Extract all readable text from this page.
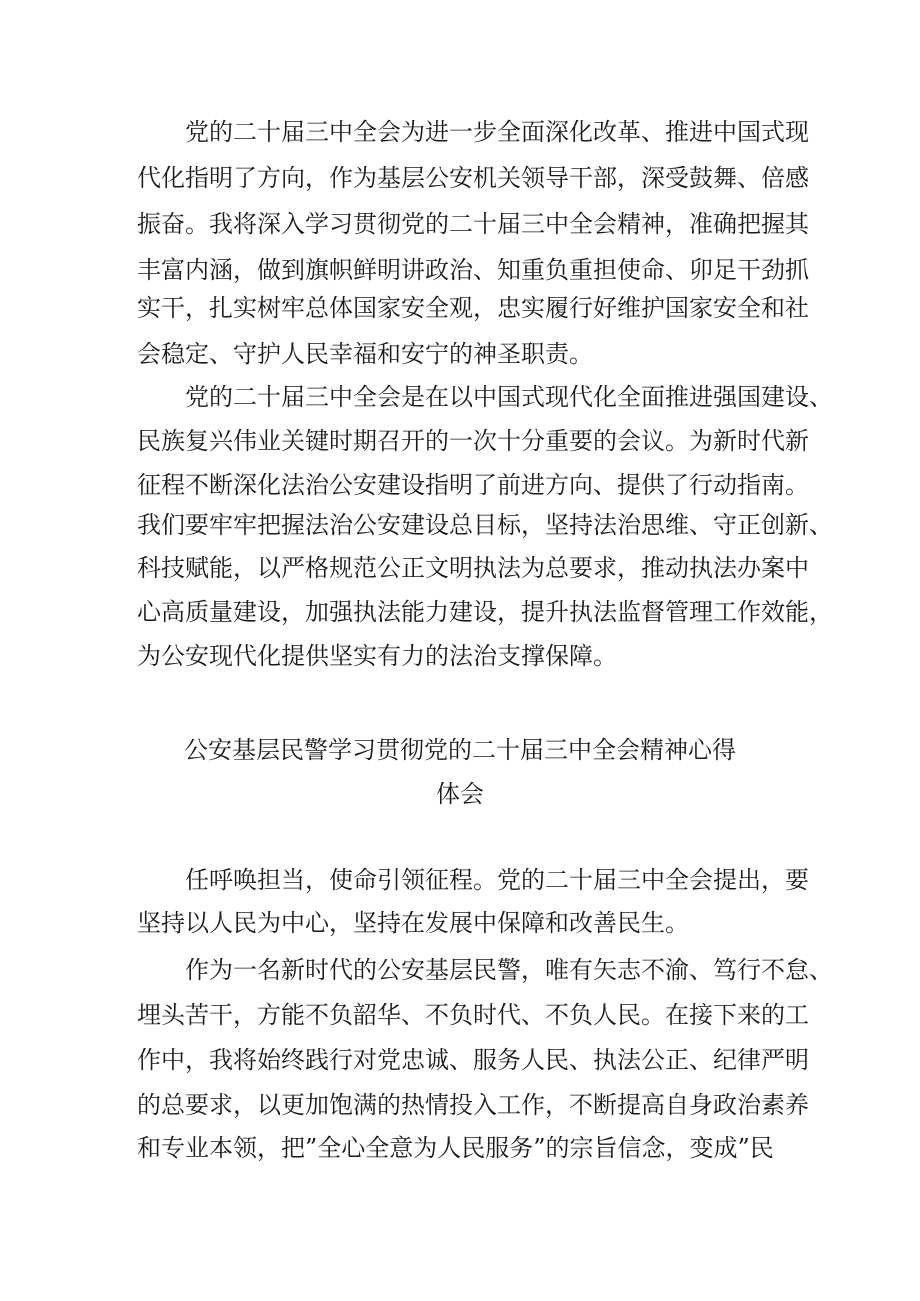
党的二十届三中全会为进一步全面深化改革、推进中国式现
代化指明了方向，作为基层公安机关领导干部，深受鼓舞、倍感
振奋。我将深入学习贯彻党的二十届三中全会精神，准确把握其
丰富内涵，做到旗帜鲜明讲政治、知重负重担使命、卯足干劲抓
实干，扎实树牢总体国家安全观，忠实履行好维护国家安全和社
会稳定、守护人民幸福和安宁的神圣职责。
党的二十届三中全会是在以中国式现代化全面推进强国建设、
民族复兴伟业关键时期召开的一次十分重要的会议。为新时代新
征程不断深化法治公安建设指明了前进方向、提供了行动指南。
我们要牢牢把握法治公安建设总目标，坚持法治思维、守正创新、
科技赋能，以严格规范公正文明执法为总要求，推动执法办案中
心高质量建设，加强执法能力建设，提升执法监督管理工作效能，
为公安现代化提供坚实有力的法治支撑保障。
公安基层民警学习贯彻党的二十届三中全会精神心得
体会
任呼唤担当，使命引领征程。党的二十届三中全会提出，要
坚持以人民为中心，坚持在发展中保障和改善民生。
作为一名新时代的公安基层民警，唯有矢志不渝、笃行不怠、
埋头苦干，方能不负韶华、不负时代、不负人民。在接下来的工
作中，我将始终践行对党忠诚、服务人民、执法公正、纪律严明
的总要求，以更加饱满的热情投入工作，不断提高自身政治素养
和专业本领，把”全心全意为人民服务”的宗旨信念，变成”民
